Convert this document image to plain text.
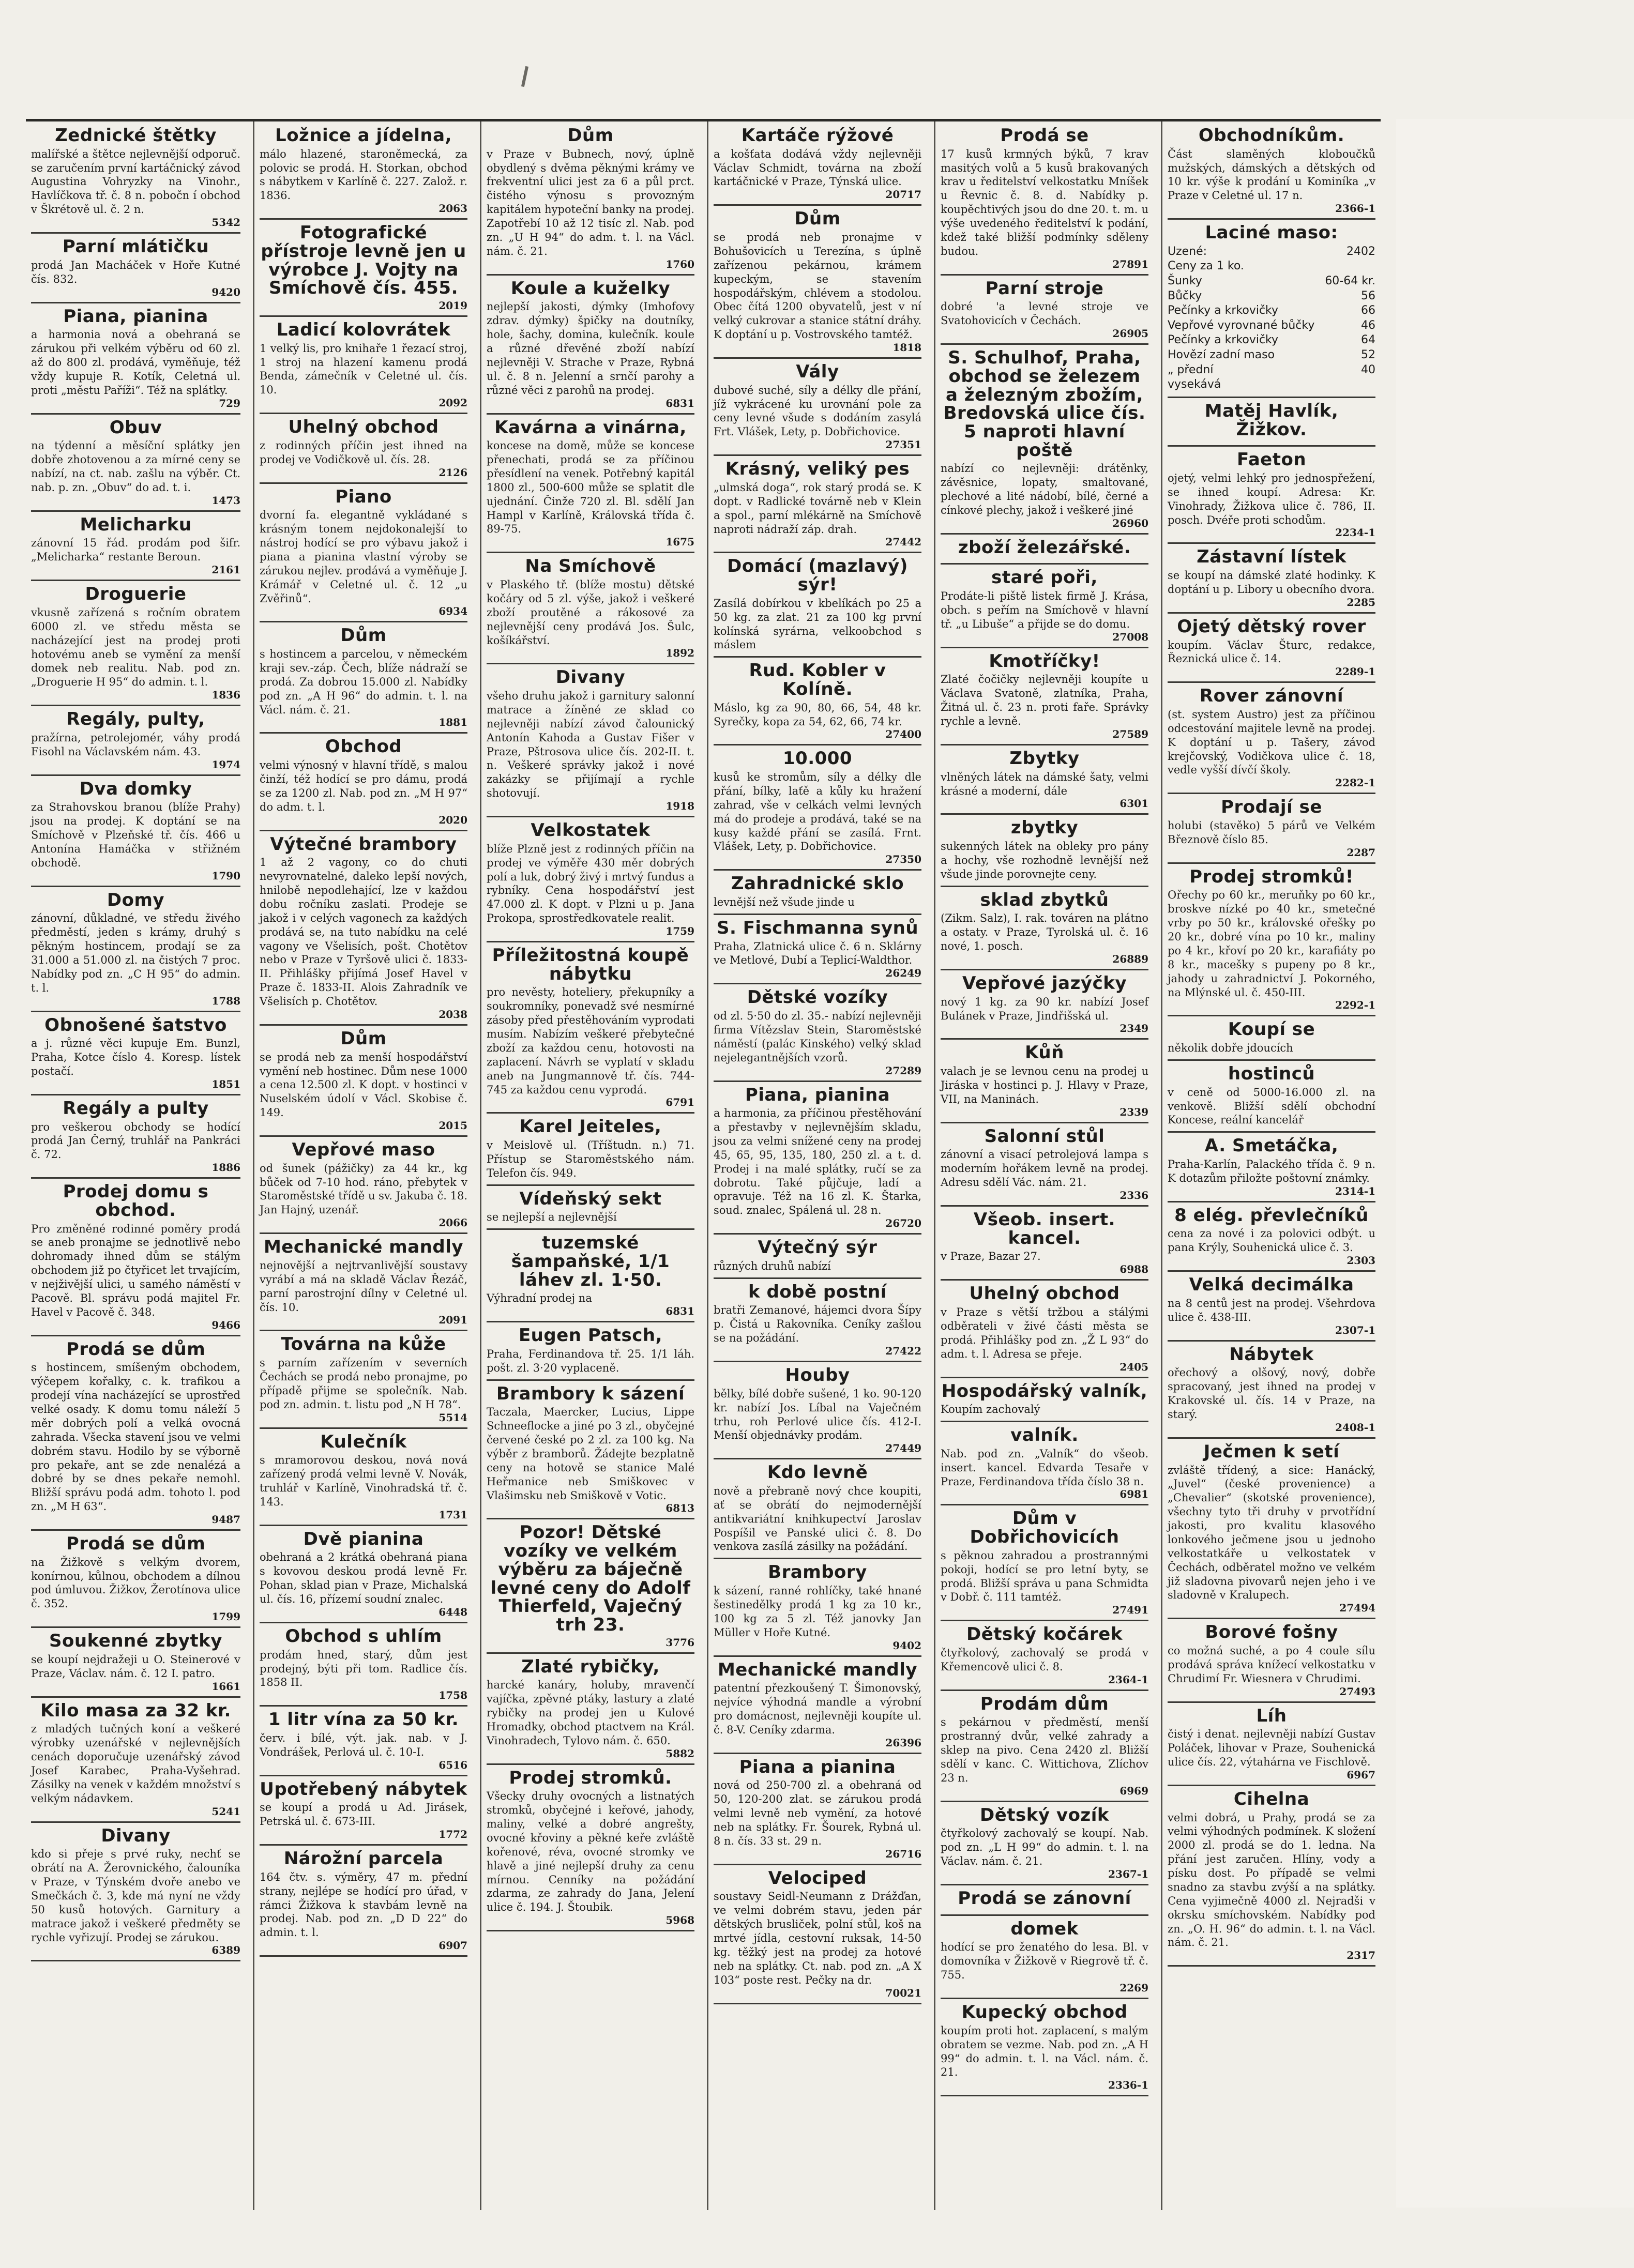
Zednické štětky

malířské a štětce nejlevnější odporuč. se zaručením první kartáčnický závod Augustina Vohryzky na Vinohr., Havlíčkova tř. č. 8 n. pobočn í obchod v Škrétově ul. č. 2 n.

5342
Parní mlátičku

prodá Jan Macháček v Hoře Kutné čís. 832.

9420
Piana, pianina

a harmonia nová a obehraná se zárukou při velkém výběru od 60 zl. až do 800 zl. prodává, vyměňuje, též vždy kupuje R. Kotík, Celetná ul. proti „městu Paříži“. Též na splátky.

729
Obuv

na týdenní a měsíční splátky jen dobře zhotovenou a za mírné ceny se nabízí, na ct. nab. zašlu na výběr. Ct. nab. p. zn. „Obuv“ do ad. t. i.

1473
Melicharku

zánovní 15 řád. prodám pod šifr. „Melicharka“ restante Beroun.

2161
Droguerie

vkusně zařízená s ročním obratem 6000 zl. ve středu města se nacházející jest na prodej proti hotovému aneb se vymění za menší domek neb realitu. Nab. pod zn. „Droguerie H 95“ do admin. t. l.

1836
Regály, pulty,

pražírna, petrolejomér, váhy prodá Fisohl na Václavském nám. 43.

1974
Dva domky

za Strahovskou branou (blíže Prahy) jsou na prodej. K doptání se na Smíchově v Plzeňské tř. čís. 466 u Antonína Hamáčka v střižném obchodě.

1790
Domy

zánovní, důkladné, ve středu živého předměstí, jeden s krámy, druhý s pěkným hostincem, prodají se za 31.000 a 51.000 zl. na čistých 7 proc. Nabídky pod zn. „C H 95“ do admin. t. l.

1788
Obnošené šatstvo

a j. různé věci kupuje Em. Bunzl, Praha, Kotce číslo 4. Koresp. lístek postačí.

1851
Regály a pulty

pro veškerou obchody se hodící prodá Jan Černý, truhlář na Pankráci č. 72.

1886
Prodej domu s obchod.

Pro změněné rodinné poměry prodá se aneb pronajme se jednotlivě nebo dohromady ihned dům se stálým obchodem již po čtyřicet let trvajícím, v nejživější ulici, u samého náměstí v Pacově. Bl. správu podá majitel Fr. Havel v Pacově č. 348.

9466
Prodá se dům

s hostincem, smíšeným obchodem, výčepem kořalky, c. k. trafikou a prodejí vína nacházející se uprostřed velké osady. K domu tomu náleží 5 měr dobrých polí a velká ovocná zahrada. Všecka stavení jsou ve velmi dobrém stavu. Hodilo by se výborně pro pekaře, ant se zde nenalézá a dobré by se dnes pekaře nemohl. Bližší správu podá adm. tohoto l. pod zn. „M H 63“.

9487
Prodá se dům

na Žižkově s velkým dvorem, konírnou, kůlnou, obchodem a dílnou pod úmluvou. Žižkov, Žerotínova ulice č. 352.

1799
Soukenné zbytky

se koupí nejdražeji u O. Steinerové v Praze, Václav. nám. č. 12 I. patro.

1661
Kilo masa za 32 kr.

z mladých tučných koní a veškeré výrobky uzenářské v nejlevnějších cenách doporučuje uzenářský závod Josef Karabec, Praha-Vyšehrad. Zásilky na venek v každém množství s velkým nádavkem.

5241
Divany

kdo si přeje s prvé ruky, nechť se obrátí na A. Žerovnického, čalouníka v Praze, v Týnském dvoře anebo ve Smečkách č. 3, kde má nyní ne vždy 50 kusů hotových. Garnitury a matrace jakož i veškeré předměty se rychle vyřizují. Prodej se zárukou.

6389
Ložnice a jídelna,

málo hlazené, staroněmecká, za polovic se prodá. H. Storkan, obchod s nábytkem v Karlíně č. 227. Založ. r. 1836.

2063
Fotografické přístroje levně jen u výrobce J. Vojty na Smíchově čís. 455.
2019
Ladicí kolovrátek

1 velký lis, pro knihaře 1 řezací stroj, 1 stroj na hlazení kamenu prodá Benda, zámečník v Celetné ul. čís. 10.

2092
Uhelný obchod

z rodinných příčin jest ihned na prodej ve Vodičkově ul. čís. 28.

2126
Piano

dvorní fa. elegantně vykládané s krásným tonem nejdokonalejší to nástroj hodící se pro výbavu jakož i piana a pianina vlastní výroby se zárukou nejlev. prodává a vyměňuje J. Krámář v Celetné ul. č. 12 „u Zvěřinů“.

6934
Dům

s hostincem a parcelou, v německém kraji sev.-záp. Čech, blíže nádraží se prodá. Za dobrou 15.000 zl. Nabídky pod zn. „A H 96“ do admin. t. l. na Václ. nám. č. 21.

1881
Obchod

velmi výnosný v hlavní třídě, s malou činží, též hodící se pro dámu, prodá se za 1200 zl. Nab. pod zn. „M H 97“ do adm. t. l.

2020
Výtečné brambory

1 až 2 vagony, co do chuti nevyrovnatelné, daleko lepší nových, hnilobě nepodlehající, lze v každou dobu ročníku zaslati. Prodeje se jakož i v celých vagonech za každých prodává se, na tuto nabídku na celé vagony ve Všelisích, pošt. Chotětov nebo v Praze v Tyršově ulici č. 1833-II. Přihlášky přijímá Josef Havel v Praze č. 1833-II. Alois Zahradník ve Všelisích p. Chotětov.

2038
Dům

se prodá neb za menší hospodářství vymění neb hostinec. Dům nese 1000 a cena 12.500 zl. K dopt. v hostinci v Nuselském údolí v Václ. Skobise č. 149.

2015
Vepřové maso

od šunek (pážičky) za 44 kr., kg bůček od 7-10 hod. ráno, přebytek v Staroměstské třídě u sv. Jakuba č. 18. Jan Hajný, uzenář.

2066
Mechanické mandly

nejnovější a nejtrvanlivější soustavy vyrábí a má na skladě Václav Řezáč, parní parostrojní dílny v Celetné ul. čís. 10.

2091
Továrna na kůže

s parním zařízením v severních Čechách se prodá nebo pronajme, po případě přijme se společník. Nab. pod zn. admin. t. listu pod „N H 78“.

5514
Kulečník

s mramorovou deskou, nová nová zařízený prodá velmi levně V. Novák, truhlář v Karlíně, Vinohradská tř. č. 143.

1731
Dvě pianina

obehraná a 2 krátká obehraná piana s kovovou deskou prodá levně Fr. Pohan, sklad pian v Praze, Michalská ul. čís. 16, přízemí soudní znalec.

6448
Obchod s uhlím

prodám hned, starý, dům jest prodejný, býti při tom. Radlice čís. 1858 II.

1758
1 litr vína za 50 kr.

červ. i bílé, výt. jak. nab. v J. Vondrášek, Perlová ul. č. 10-I.

6516
Upotřebený nábytek

se koupí a prodá u Ad. Jirásek, Petrská ul. č. 673-III.

1772
Nárožní parcela

164 čtv. s. výměry, 47 m. přední strany, nejlépe se hodící pro úřad, v rámci Žižkova k stavbám levně na prodej. Nab. pod zn. „D D 22“ do admin. t. l.

6907
Dům

v Praze v Bubnech, nový, úplně obydlený s dvěma pěknými krámy ve frekventní ulici jest za 6 a půl prct. čistého výnosu s provozným kapitálem hypoteční banky na prodej. Zapotřebí 10 až 12 tisíc zl. Nab. pod zn. „U H 94“ do adm. t. l. na Václ. nám. č. 21.

1760
Koule a kuželky

nejlepší jakosti, dýmky (Imhofovy zdrav. dýmky) špičky na doutníky, hole, šachy, domina, kulečník. koule a různé dřevěné zboží nabízí nejlevněji V. Strache v Praze, Rybná ul. č. 8 n. Jelenní a srnčí parohy a různé věci z parohů na prodej.

6831
Kavárna a vinárna,

koncese na domě, může se koncese přenechati, prodá se za příčinou přesídlení na venek. Potřebný kapitál 1800 zl., 500-600 může se splatit dle ujednání. Činže 720 zl. Bl. sdělí Jan Hampl v Karlíně, Královská třída č. 89-75.

1675
Na Smíchově

v Plaského tř. (blíže mostu) dětské kočáry od 5 zl. výše, jakož i veškeré zboží proutěné a rákosové za nejlevnější ceny prodává Jos. Šulc, košíkářství.

1892
Divany

všeho druhu jakož i garnitury salonní matrace a žíněné ze sklad co nejlevněji nabízí závod čalounický Antonín Kahoda a Gustav Fišer v Praze, Pštrosova ulice čís. 202-II. t. n. Veškeré správky jakož i nové zakázky se přijímají a rychle shotovují.

1918
Velkostatek

blíže Plzně jest z rodinných příčin na prodej ve výměře 430 měr dobrých polí a luk, dobrý živý i mrtvý fundus a rybníky. Cena hospodářství jest 47.000 zl. K dopt. v Plzni u p. Jana Prokopa, sprostředkovatele realit.

1759
Příležitostná koupě nábytku

pro nevěsty, hoteliery, překupníky a soukromníky, ponevadž své nesmírné zásoby před přestěhováním vyprodati musím. Nabízím veškeré přebytečné zboží za každou cenu, hotovosti na zaplacení. Návrh se vyplatí v skladu aneb na Jungmannově tř. čís. 744-745 za každou cenu vyprodá.

6791
Karel Jeiteles,

v Meislově ul. (Tříštudn. n.) 71. Přístup se Staroměstského nám. Telefon čís. 949.

Vídeňský sekt

se nejlepší a nejlevnější

tuzemské šampaňské, 1/1 láhev zl. 1·50.

Výhradní prodej na

6831
Eugen Patsch,

Praha, Ferdinandova tř. 25. 1/1 láh. pošt. zl. 3·20 vyplaceně.

Brambory k sázení

Taczala, Maercker, Lucius, Lippe Schneeflocke a jiné po 3 zl., obyčejné červené české po 2 zl. za 100 kg. Na výběr z bramborů. Žádejte bezplatně ceny na hotově se stanice Malé Heřmanice neb Smiškovec v Vlašimsku neb Smiškově v Votic.

6813
Pozor! Dětské vozíky ve velkém výběru za báječně levné ceny do Adolf Thierfeld, Vaječný trh 23.
3776
Zlaté rybičky,

harcké kanáry, holuby, mravenčí vajíčka, zpěvné ptáky, lastury a zlaté rybičky na prodej jen u Kulové Hromadky, obchod ptactvem na Král. Vinohradech, Tylovo nám. č. 650.

5882
Prodej stromků.

Všecky druhy ovocných a listnatých stromků, obyčejné i keřové, jahody, maliny, velké a dobré angrešty, ovocné křoviny a pěkné keře zvláště kořenové, réva, ovocné stromky ve hlavě a jiné nejlepší druhy za cenu mírnou. Cenníky na požádání zdarma, ze zahrady do Jana, Jelení ulice č. 194. J. Štoubik.

5968
Kartáče rýžové

a košťata dodává vždy nejlevněji Václav Schmidt, továrna na zboží kartáčnické v Praze, Týnská ulice.

20717
Dům

se prodá neb pronajme v Bohušovicích u Terezína, s úplně zařízenou pekárnou, krámem kupeckým, se stavením hospodářským, chlévem a stodolou. Obec čítá 1200 obyvatelů, jest v ní velký cukrovar a stanice státní dráhy. K doptání u p. Vostrovského tamtéž.

1818
Vály

dubové suché, síly a délky dle přání, jíž vykrácené ku urovnání pole za ceny levné všude s dodáním zasylá Frt. Vlášek, Lety, p. Dobřichovice.

27351
Krásný, veliký pes

„ulmská doga“, rok starý prodá se. K dopt. v Radlické továrně neb v Klein a spol., parní mlékárně na Smíchově naproti nádraží záp. drah.

27442
Domácí (mazlavý) sýr!

Zasílá dobírkou v kbelíkách po 25 a 50 kg. za zlat. 21 za 100 kg první kolínská syrárna, velkoobchod s máslem

Rud. Kobler v Kolíně.

Máslo, kg za 90, 80, 66, 54, 48 kr. Syrečky, kopa za 54, 62, 66, 74 kr.

27400
10.000

kusů ke stromům, síly a délky dle přání, bílky, laťě a kůly ku hražení zahrad, vše v celkách velmi levných má do prodeje a prodává, také se na kusy každé přání se zasílá. Frnt. Vlášek, Lety, p. Dobřichovice.

27350
Zahradnické sklo

levnější než všude jinde u

S. Fischmanna synů

Praha, Zlatnická ulice č. 6 n. Sklárny ve Metlové, Dubí a Teplicí-Waldthor.

26249
Dětské vozíky

od zl. 5·50 do zl. 35.- nabízí nejlevněji firma Vítězslav Stein, Staroměstské náměstí (palác Kinského) velký sklad nejelegantnějších vzorů.

27289
Piana, pianina

a harmonia, za příčinou přestěhování a přestavby v nejlevnějším skladu, jsou za velmi snížené ceny na prodej 45, 65, 95, 135, 180, 250 zl. a t. d. Prodej i na malé splátky, ručí se za dobrotu. Také půjčuje, ladí a opravuje. Též na 16 zl. K. Štarka, soud. znalec, Spálená ul. 28 n.

26720
Výtečný sýr

různých druhů nabízí

k době postní

bratři Zemanové, hájemci dvora Šípy p. Čistá u Rakovníka. Ceníky zašlou se na požádání.

27422
Houby

bělky, bílé dobře sušené, 1 ko. 90-120 kr. nabízí Jos. Líbal na Vaječném trhu, roh Perlové ulice čís. 412-I. Menší objednávky prodám.

27449
Kdo levně

nově a přebraně nový chce koupiti, ať se obrátí do nejmodernější antikvariátní knihkupectví Jaroslav Pospíšil ve Panské ulici č. 8. Do venkova zasílá zásilky na požádání.

Brambory

k sázení, ranné rohlíčky, také hnané šestinedělky prodá 1 kg za 10 kr., 100 kg za 5 zl. Též janovky Jan Müller v Hoře Kutné.

9402
Mechanické mandly

patentní přezkoušený T. Šimonovský, nejvíce výhodná mandle a výrobní pro domácnost, nejlevněji koupíte ul. č. 8-V. Ceníky zdarma.

26396
Piana a pianina

nová od 250-700 zl. a obehraná od 50, 120-200 zlat. se zárukou prodá velmi levně neb vymění, za hotové neb na splátky. Fr. Šourek, Rybná ul. 8 n. čís. 33 st. 29 n.

26716
Velociped

soustavy Seidl-Neumann z Drážďan, ve velmi dobrém stavu, jeden pár dětských brusliček, polní stůl, koš na mrtvé jídla, cestovní ruksak, 14-50 kg. těžký jest na prodej za hotové neb na splátky. Ct. nab. pod zn. „A X 103“ poste rest. Pečky na dr.

70021
Prodá se

17 kusů krmných býků, 7 krav masitých volů a 5 kusů brakovaných krav u ředitelství velkostatku Mníšek u Řevnic č. 8. d. Nabídky p. koupěchtivých jsou do dne 20. t. m. u výše uvedeného ředitelství k podání, kdež také bližší podmínky sděleny budou.

27891
Parní stroje

dobré 'a levné stroje ve Svatohovicích v Čechách.

26905
S. Schulhof, Praha, obchod se železem a železným zbožím, Bredovská ulice čís. 5 naproti hlavní poště

nabízí co nejlevněji: drátěnky, závěsnice, lopaty, smaltované, plechové a lité nádobí, bílé, černé a cínkové plechy, jakož i veškeré jiné

26960
zboží železářské.
staré poři,

Prodáte-li piště listek firmě J. Krása, obch. s peřím na Smíchově v hlavní tř. „u Libuše“ a přijde se do domu.

27008
Kmotříčky!

Zlaté čočičky nejlevněji koupíte u Václava Svatoně, zlatníka, Praha, Žitná ul. č. 23 n. proti faře. Správky rychle a levně.

27589
Zbytky

vlněných látek na dámské šaty, velmi krásné a moderní, dále

6301
zbytky

sukenných látek na obleky pro pány a hochy, vše rozhodně levnější než všude jinde porovnejte ceny.

sklad zbytků

(Zikm. Salz), I. rak. továren na plátno a ostaty. v Praze, Tyrolská ul. č. 16 nové, 1. posch.

26889
Vepřové jazýčky

nový 1 kg. za 90 kr. nabízí Josef Bulánek v Praze, Jindřišská ul.

2349
Kůň

valach je se levnou cenu na prodej u Jiráska v hostinci p. J. Hlavy v Praze, VII, na Maninách.

2339
Salonní stůl

zánovní a visací petrolejová lampa s moderním hořákem levně na prodej. Adresu sdělí Vác. nám. 21.

2336
Všeob. insert. kancel.

v Praze, Bazar 27.

6988
Uhelný obchod

v Praze s větší tržbou a stálými odběrateli v živé části města se prodá. Přihlášky pod zn. „Ž L 93“ do adm. t. l. Adresa se přeje.

2405
Hospodářský valník,

Koupím zachovalý

valník.

Nab. pod zn. „Valník“ do všeob. insert. kancel. Edvarda Tesaře v Praze, Ferdinandova třída číslo 38 n.

6981
Dům v Dobřichovicích

s pěknou zahradou a prostrannými pokoji, hodící se pro letní byty, se prodá. Bližší správa u pana Schmidta v Dobř. č. 111 tamtéž.

27491
Dětský kočárek

čtyřkolový, zachovalý se prodá v Křemencově ulici č. 8.

2364-1
Prodám dům

s pekárnou v předměstí, menší prostranný dvůr, velké zahrady a sklep na pivo. Cena 2420 zl. Bližší sdělí v kanc. C. Wittichova, Zlíchov 23 n.

6969
Dětský vozík

čtyřkolový zachovalý se koupí. Nab. pod zn. „L H 99“ do admin. t. l. na Václav. nám. č. 21.

2367-1
Prodá se zánovní
domek

hodící se pro ženatého do lesa. Bl. v domovníka v Žižkově v Riegrově tř. č. 755.

2269
Kupecký obchod

koupím proti hot. zaplacení, s malým obratem se vezme. Nab. pod zn. „A H 99“ do admin. t. l. na Václ. nám. č. 21.

2336-1
Obchodníkům.

Část slaměných kloboučků mužských, dámských a dětských od 10 kr. výše k prodání u Kominíka „v Praze v Celetné ul. 17 n.

2366-1
Laciné maso:
Uzené:	2402
Ceny za 1 ko.
Šunky	60-64 kr.
Bůčky	56
Pečínky a krkovičky	66
Vepřové vyrovnané bůčky	46
Pečínky a krkovičky	64
Hovězí zadní maso	52
„ přední	40
vysekává
Matěj Havlík, Žižkov.
Faeton

ojetý, velmi lehký pro jednospřežení, se ihned koupí. Adresa: Kr. Vinohrady, Žižkova ulice č. 786, II. posch. Dvéře proti schodům.

2234-1
Zástavní lístek

se koupí na dámské zlaté hodinky. K doptání u p. Libory u obecního dvora.

2285
Ojetý dětský rover

koupím. Václav Šturc, redakce, Řeznická ulice č. 14.

2289-1
Rover zánovní

(st. system Austro) jest za příčinou odcestování majitele levně na prodej. K doptání u p. Tašery, závod krejčovský, Vodičkova ulice č. 18, vedle vyšší dívčí školy.

2282-1
Prodají se

holubi (stavěko) 5 párů ve Velkém Březnově číslo 85.

2287
Prodej stromků!

Ořechy po 60 kr., meruňky po 60 kr., broskve nízké po 40 kr., smetečné vrby po 50 kr., královské ořešky po 20 kr., dobré vína po 10 kr., maliny po 4 kr., křoví po 20 kr., karafiáty po 8 kr., macešky s pupeny po 8 kr., jahody u zahradnictví J. Pokorného, na Mlýnské ul. č. 450-III.

2292-1
Koupí se

několik dobře jdoucích

hostinců

v ceně od 5000-16.000 zl. na venkově. Bližší sdělí obchodní Koncese, reální kancelář

A. Smetáčka,

Praha-Karlín, Palackého třída č. 9 n. K dotazům přiložte poštovní známky.

2314-1
8 elég. převlečníků

cena za nové i za polovici odbýt. u pana Krýly, Souhenická ulice č. 3.

2303
Velká decimálka

na 8 centů jest na prodej. Všehrdova ulice č. 438-III.

2307-1
Nábytek

ořechový a olšový, nový, dobře spracovaný, jest ihned na prodej v Krakovské ul. čís. 14 v Praze, na starý.

2408-1
Ječmen k setí

zvláště třídený, a sice: Hanácký, „Juvel“ (české provenience) a „Chevalier“ (skotské provenience), všechny tyto tři druhy v prvotřídní jakosti, pro kvalitu klasového lonkového ječmene jsou u jednoho velkostatkáře u velkostatek v Čechách, odběratel možno ve velkém již sladovna pivovarů nejen jeho i ve sladovně v Kralupech.

27494
Borové fošny

co možná suché, a po 4 coule sílu prodává správa knížecí velkostatku v Chrudimí Fr. Wiesnera v Chrudimi.

27493
Líh

čistý i denat. nejlevněji nabízí Gustav Poláček, lihovar v Praze, Souhenická ulice čís. 22, výtahárna ve Fischlově.

6967
Cihelna

velmi dobrá, u Prahy, prodá se za velmi výhodných podmínek. K složení 2000 zl. prodá se do 1. ledna. Na přání jest zaručen. Hlíny, vody a písku dost. Po případě se velmi snadno za stavbu zvýší a na splátky. Cena vyjimečně 4000 zl. Nejradši v okrsku smíchovském. Nabídky pod zn. „O. H. 96“ do admin. t. l. na Václ. nám. č. 21.

2317
